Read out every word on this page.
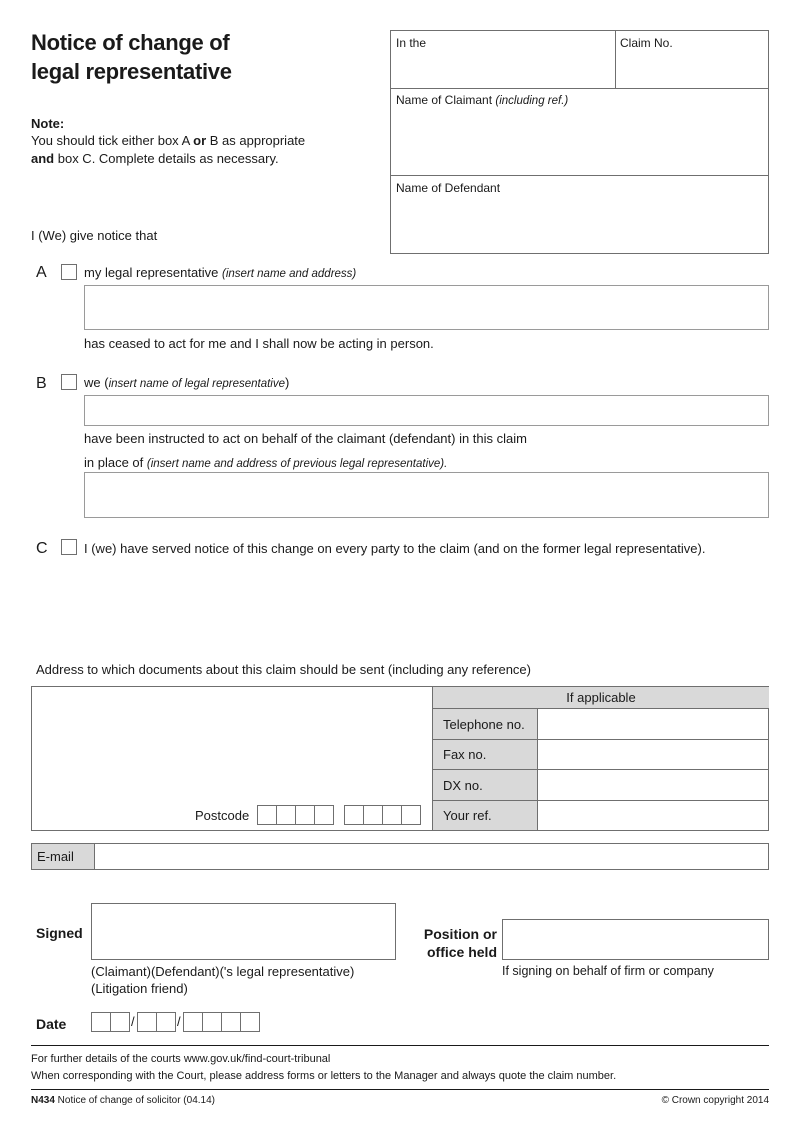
Notice of change of
legal representative
Note:
You should tick either box A or B as appropriate
and box C. Complete details as necessary.
In the	Claim No.
Name of Claimant (including ref.)
Name of Defendant
I (We) give notice that
A	my legal representative (insert name and address)
has ceased to act for me and I shall now be acting in person.
B	we (insert name of legal representative)
have been instructed to act on behalf of the claimant (defendant) in this claim
in place of (insert name and address of previous legal representative).
C	I (we) have served notice of this change on every party to the claim (and on the former legal representative).
Address to which documents about this claim should be sent (including any reference)
If applicable
Telephone no.
Fax no.
DX no.
Your ref.
Postcode
E-mail
Signed
(Claimant)(Defendant)('s legal representative)
(Litigation friend)
Position or
office held
If signing on behalf of firm or company
Date	/	/
For further details of the courts www.gov.uk/find-court-tribunal
When corresponding with the Court, please address forms or letters to the Manager and always quote the claim number.
N434 Notice of change of solicitor (04.14)	© Crown copyright 2014
